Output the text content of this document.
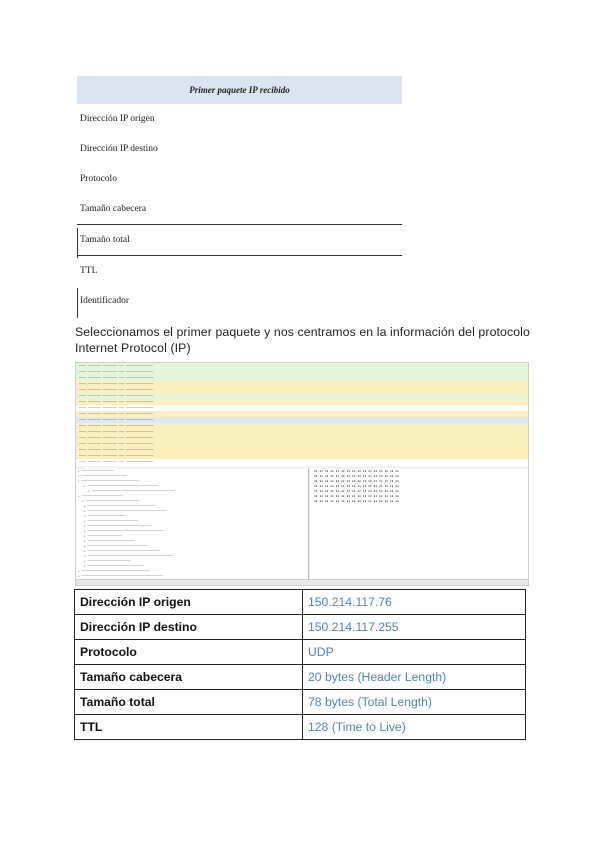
Primer paquete IP recibido
Dirección IP origen
Dirección IP destino
Protocolo
Tamaño cabecera
Tamaño total
TTL
Identificador
Seleccionamos el primer paquete y nos centramos en la información del protocolo Internet Protocol (IP)
──── ─────── ──────── ─── ───────────────
──── ─────── ──────── ─── ───────────────
──── ─────── ──────── ─── ───────────────
──── ─────── ──────── ─── ───────────────
──── ─────── ──────── ─── ───────────────
──── ─────── ──────── ─── ───────────────
──── ─────── ──────── ─── ───────────────
──── ─────── ──────── ─── ───────────────
──── ─────── ──────── ─── ───────────────
──── ─────── ──────── ─── ───────────────
──── ─────── ──────── ─── ───────────────
──── ─────── ──────── ─── ───────────────
──── ─────── ──────── ─── ───────────────
──── ─────── ──────── ─── ───────────────
──── ─────── ──────── ─── ───────────────
──── ─────── ──────── ─── ───────────────
──── ─────── ──────── ─── ───────────────
▸ ──────────────────
▸ ─────────────────────────
▸ ────────────────────────────────
▸ ───────────────────────────────────────
▸ ──────────────────────────────────────────────
▸ ───────────────────────
▸ ──────────────────────────────
▸ ─────────────────────────────────────
▸ ────────────────────────────────────────────
▸ ─────────────────────
▸ ────────────────────────────
▸ ───────────────────────────────────
▸ ──────────────────────────────────────────
▸ ───────────────────
▸ ──────────────────────────
▸ ─────────────────────────────────
▸ ────────────────────────────────────────
▸ ───────────────────────────────────────────────
▸ ────────────────────────
▸ ───────────────────────────────
▸ ──────────────────────────────────────
▸ ─────────────────────────────────────────────
▮▮ ▮▮ ▮▮ ▮▮ ▮▮ ▮▮ ▮▮ ▮▮ ▮▮ ▮▮ ▮▮ ▮▮ ▮▮ ▮▮ ▮▮ ▮▮
▮▮ ▮▮ ▮▮ ▮▮ ▮▮ ▮▮ ▮▮ ▮▮ ▮▮ ▮▮ ▮▮ ▮▮ ▮▮ ▮▮ ▮▮ ▮▮
▮▮ ▮▮ ▮▮ ▮▮ ▮▮ ▮▮ ▮▮ ▮▮ ▮▮ ▮▮ ▮▮ ▮▮ ▮▮ ▮▮ ▮▮ ▮▮
▮▮ ▮▮ ▮▮ ▮▮ ▮▮ ▮▮ ▮▮ ▮▮ ▮▮ ▮▮ ▮▮ ▮▮ ▮▮ ▮▮ ▮▮ ▮▮
▮▮ ▮▮ ▮▮ ▮▮ ▮▮ ▮▮ ▮▮ ▮▮ ▮▮ ▮▮ ▮▮ ▮▮ ▮▮ ▮▮ ▮▮ ▮▮
▮▮ ▮▮ ▮▮ ▮▮ ▮▮ ▮▮ ▮▮ ▮▮ ▮▮ ▮▮ ▮▮ ▮▮ ▮▮ ▮▮ ▮▮ ▮▮
▮▮ ▮▮ ▮▮ ▮▮ ▮▮ ▮▮ ▮▮ ▮▮ ▮▮ ▮▮ ▮▮ ▮▮ ▮▮ ▮▮ ▮▮ ▮▮
Dirección IP origen	150.214.117.76
Dirección IP destino	150.214.117.255
Protocolo	UDP
Tamaño cabecera	20 bytes (Header Length)
Tamaño total	78 bytes (Total Length)
TTL	128 (Time to Live)
